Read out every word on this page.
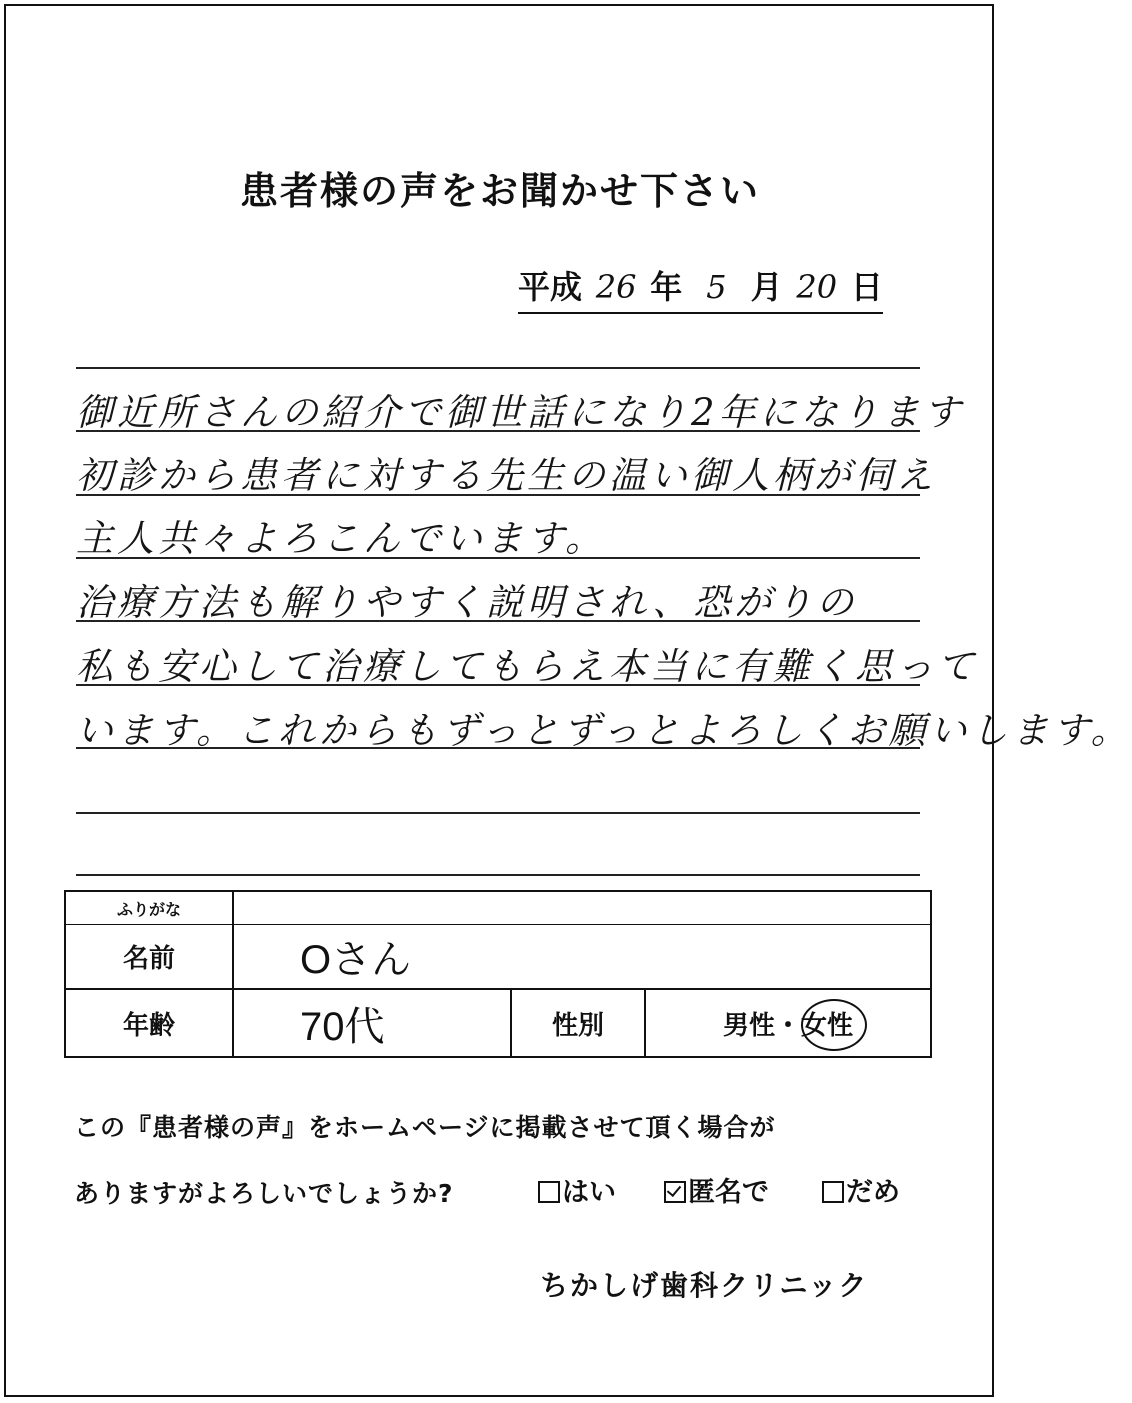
患者様の声をお聞かせ下さい
平成 26 年 5 月 20 日
御近所さんの紹介で御世話になり2年になります
初診から患者に対する先生の温い御人柄が伺え
主人共々よろこんでいます。
治療方法も解りやすく説明され、恐がりの
私も安心して治療してもらえ本当に有難く思って
います。これからもずっとずっとよろしくお願いします。
ふりがな
名前	Oさん
年齢	70代	性別	男性 ・ 女性
この『患者様の声』をホームページに掲載させて頂く場合が
ありますがよろしいでしょうか?	はい	匿名で	だめ
ちかしげ歯科クリニック
